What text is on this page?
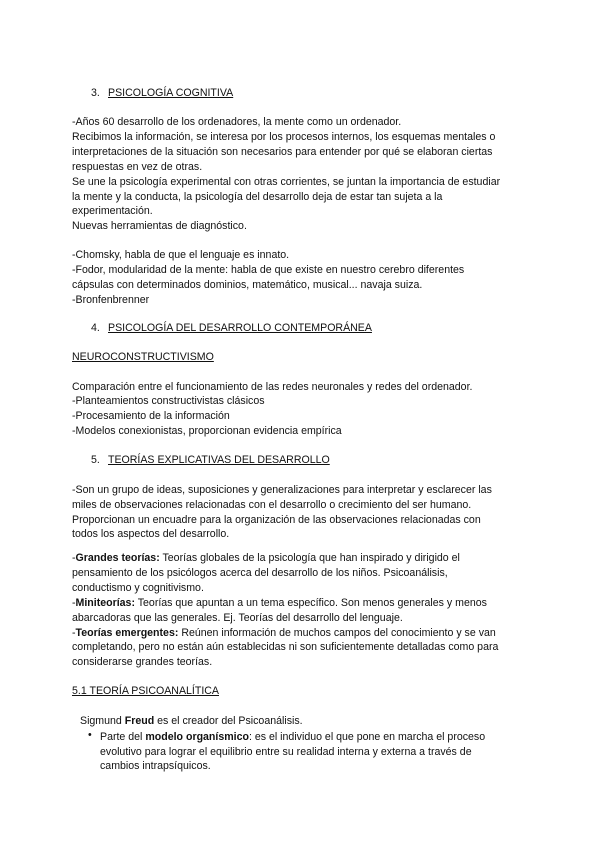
3. PSICOLOGÍA COGNITIVA
-Años 60 desarrollo de los ordenadores, la mente como un ordenador.
Recibimos la información, se interesa por los procesos internos, los esquemas mentales o
interpretaciones de la situación son necesarios para entender por qué se elaboran ciertas
respuestas en vez de otras.
Se une la psicología experimental con otras corrientes, se juntan la importancia de estudiar
la mente y la conducta, la psicología del desarrollo deja de estar tan sujeta a la
experimentación.
Nuevas herramientas de diagnóstico.
-Chomsky, habla de que el lenguaje es innato.
-Fodor, modularidad de la mente: habla de que existe en nuestro cerebro diferentes
cápsulas con determinados dominios, matemático, musical... navaja suiza.
-Bronfenbrenner
4. PSICOLOGÍA DEL DESARROLLO CONTEMPORÁNEA
NEUROCONSTRUCTIVISMO
Comparación entre el funcionamiento de las redes neuronales y redes del ordenador.
-Planteamientos constructivistas clásicos
-Procesamiento de la información
-Modelos conexionistas, proporcionan evidencia empírica
5. TEORÍAS EXPLICATIVAS DEL DESARROLLO
-Son un grupo de ideas, suposiciones y generalizaciones para interpretar y esclarecer las
miles de observaciones relacionadas con el desarrollo o crecimiento del ser humano.
Proporcionan un encuadre para la organización de las observaciones relacionadas con
todos los aspectos del desarrollo.
-Grandes teorías: Teorías globales de la psicología que han inspirado y dirigido el
pensamiento de los psicólogos acerca del desarrollo de los niños. Psicoanálisis,
conductismo y cognitivismo.
-Miniteorías: Teorías que apuntan a un tema específico. Son menos generales y menos
abarcadoras que las generales. Ej. Teorías del desarrollo del lenguaje.
-Teorías emergentes: Reúnen información de muchos campos del conocimiento y se van
completando, pero no están aún establecidas ni son suficientemente detalladas como para
considerarse grandes teorías.
5.1 TEORÍA PSICOANALÍTICA
Sigmund Freud es el creador del Psicoanálisis.
• Parte del modelo organísmico: es el individuo el que pone en marcha el proceso
evolutivo para lograr el equilibrio entre su realidad interna y externa a través de
cambios intrapsíquicos.
